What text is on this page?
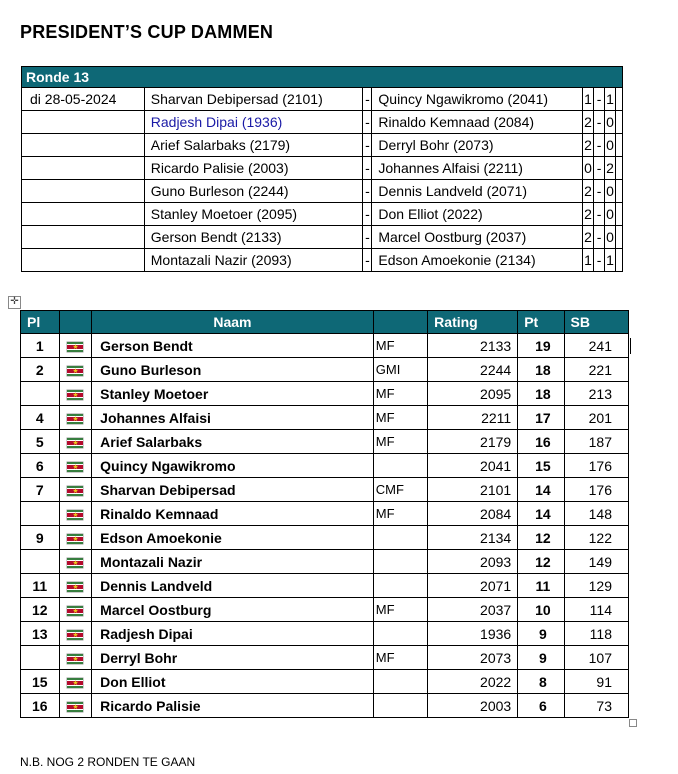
PRESIDENT’S CUP DAMMEN
Ronde 13							
di 28-05-2024	Sharvan Debipersad (2101)	-	Quincy Ngawikromo (2041)	1	-	1	
	Radjesh Dipai (1936)	-	Rinaldo Kemnaad (2084)	2	-	0	
	Arief Salarbaks (2179)	-	Derryl Bohr (2073)	2	-	0	
	Ricardo Palisie (2003)	-	Johannes Alfaisi (2211)	0	-	2	
	Guno Burleson (2244)	-	Dennis Landveld (2071)	2	-	0	
	Stanley Moetoer (2095)	-	Don Elliot (2022)	2	-	0	
	Gerson Bendt (2133)	-	Marcel Oostburg (2037)	2	-	0	
	Montazali Nazir (2093)	-	Edson Amoekonie (2134)	1	-	1	
✛
Pl		Naam		Rating	Pt	SB
1	★	Gerson Bendt	MF	2133	19	241
2	★	Guno Burleson	GMI	2244	18	221
	★	Stanley Moetoer	MF	2095	18	213
4	★	Johannes Alfaisi	MF	2211	17	201
5	★	Arief Salarbaks	MF	2179	16	187
6	★	Quincy Ngawikromo		2041	15	176
7	★	Sharvan Debipersad	CMF	2101	14	176
	★	Rinaldo Kemnaad	MF	2084	14	148
9	★	Edson Amoekonie		2134	12	122
	★	Montazali Nazir		2093	12	149
11	★	Dennis Landveld		2071	11	129
12	★	Marcel Oostburg	MF	2037	10	114
13	★	Radjesh Dipai		1936	9	118
	★	Derryl Bohr	MF	2073	9	107
15	★	Don Elliot		2022	8	91
16	★	Ricardo Palisie		2003	6	73
N.B. NOG 2 RONDEN TE GAAN
